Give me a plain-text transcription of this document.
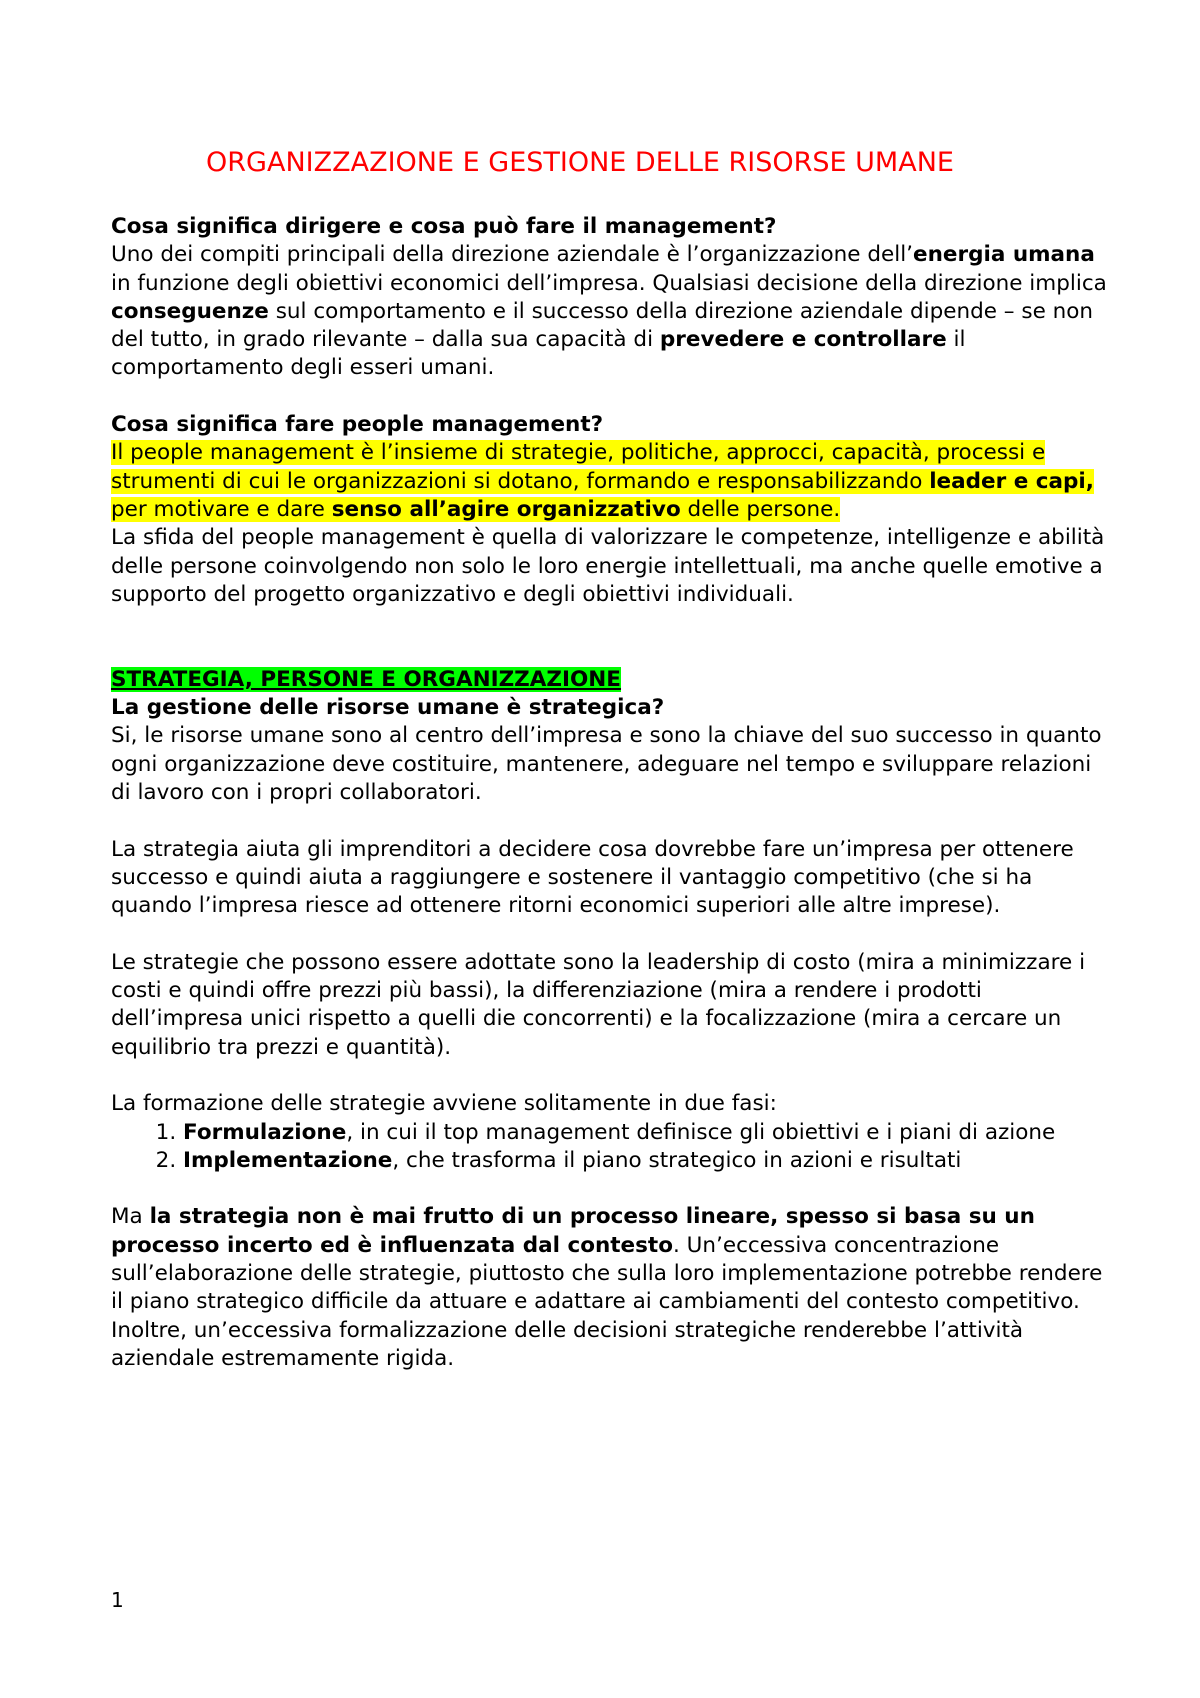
ORGANIZZAZIONE E GESTIONE DELLE RISORSE UMANE

Cosa significa dirigere e cosa può fare il management?

Uno dei compiti principali della direzione aziendale è l’organizzazione dell’energia umana in funzione degli obiettivi economici dell’impresa. Qualsiasi decisione della direzione implica conseguenze sul comportamento e il successo della direzione aziendale dipende – se non del tutto, in grado rilevante – dalla sua capacità di prevedere e controllare il comportamento degli esseri umani.

Cosa significa fare people management?

Il people management è l’insieme di strategie, politiche, approcci, capacità, processi e strumenti di cui le organizzazioni si dotano, formando e responsabilizzando leader e capi, per motivare e dare senso all’agire organizzativo delle persone.

La sfida del people management è quella di valorizzare le competenze, intelligenze e abilità delle persone coinvolgendo non solo le loro energie intellettuali, ma anche quelle emotive a supporto del progetto organizzativo e degli obiettivi individuali.

STRATEGIA, PERSONE E ORGANIZZAZIONE

La gestione delle risorse umane è strategica?

Si, le risorse umane sono al centro dell’impresa e sono la chiave del suo successo in quanto ogni organizzazione deve costituire, mantenere, adeguare nel tempo e sviluppare relazioni di lavoro con i propri collaboratori.

La strategia aiuta gli imprenditori a decidere cosa dovrebbe fare un’impresa per ottenere successo e quindi aiuta a raggiungere e sostenere il vantaggio competitivo (che si ha quando l’impresa riesce ad ottenere ritorni economici superiori alle altre imprese).

Le strategie che possono essere adottate sono la leadership di costo (mira a minimizzare i costi e quindi offre prezzi più bassi), la differenziazione (mira a rendere i prodotti dell’impresa unici rispetto a quelli die concorrenti) e la focalizzazione (mira a cercare un equilibrio tra prezzi e quantità).

La formazione delle strategie avviene solitamente in due fasi:

1. Formulazione, in cui il top management definisce gli obiettivi e i piani di azione
2. Implementazione, che trasforma il piano strategico in azioni e risultati

Ma la strategia non è mai frutto di un processo lineare, spesso si basa su un processo incerto ed è influenzata dal contesto. Un’eccessiva concentrazione sull’elaborazione delle strategie, piuttosto che sulla loro implementazione potrebbe rendere il piano strategico difficile da attuare e adattare ai cambiamenti del contesto competitivo. Inoltre, un’eccessiva formalizzazione delle decisioni strategiche renderebbe l’attività aziendale estremamente rigida.

1
